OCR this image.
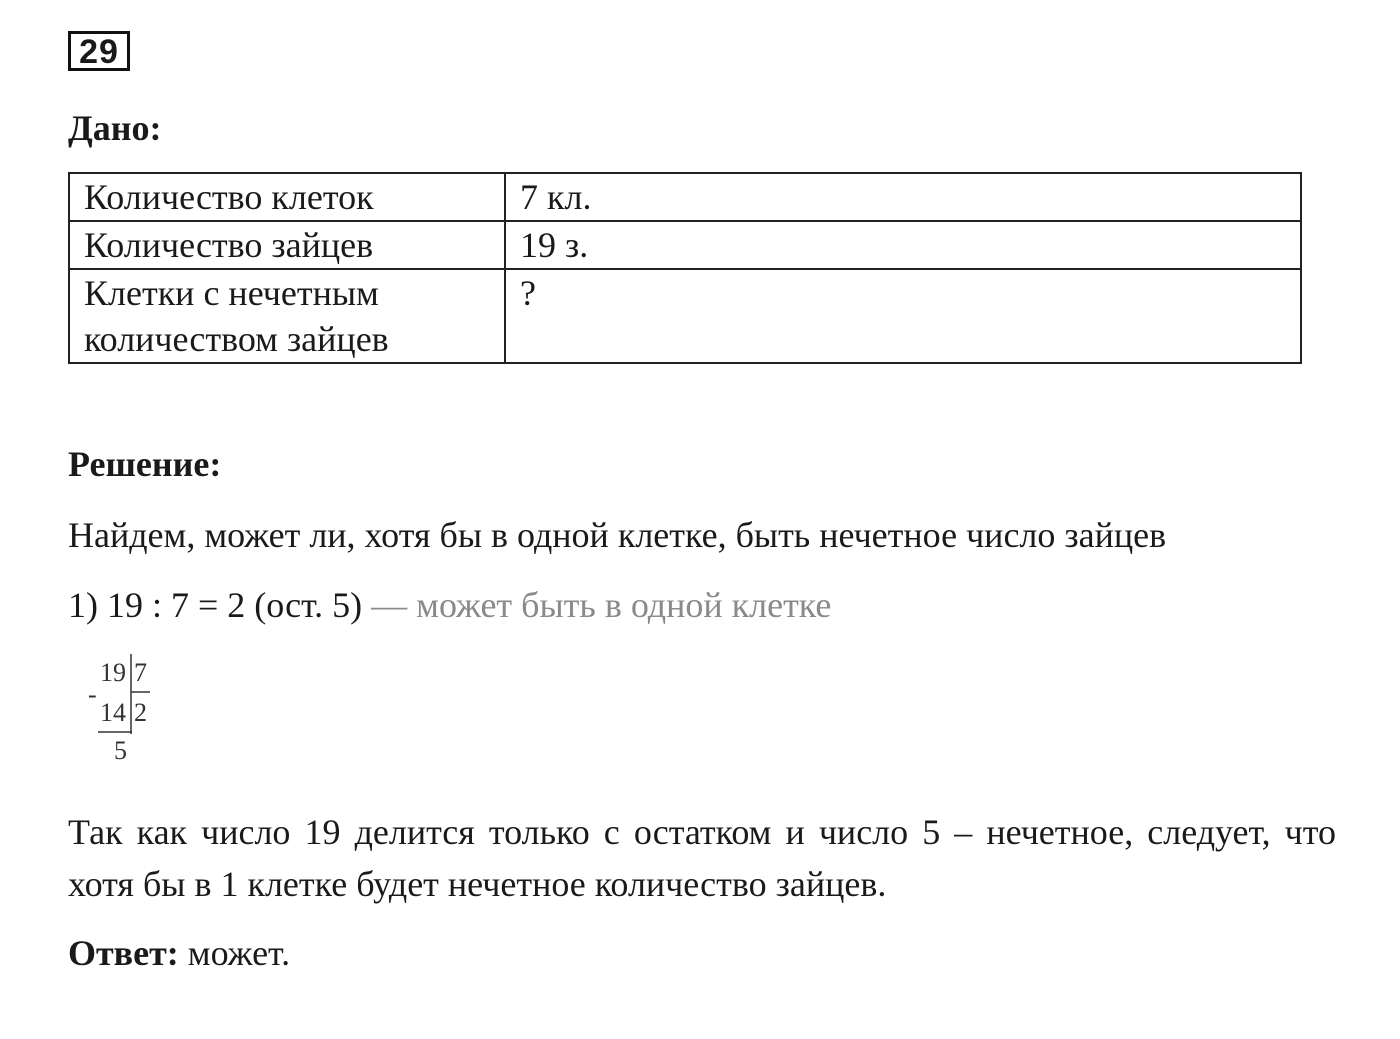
29
Дано:
Количество клеток	7 кл.
Количество зайцев	19 з.
Клетки с нечетным
количеством зайцев	?
Решение:
Найдем, может ли, хотя бы в одной клетке, быть нечетное число зайцев
1) 19 : 7 = 2 (ост. 5) — может быть в одной клетке
19 7
-
14 2
5
Так как число 19 делится только с остатком и число 5 – нечетное, следует, что хотя бы в 1 клетке будет нечетное количество зайцев.
Ответ: может.
